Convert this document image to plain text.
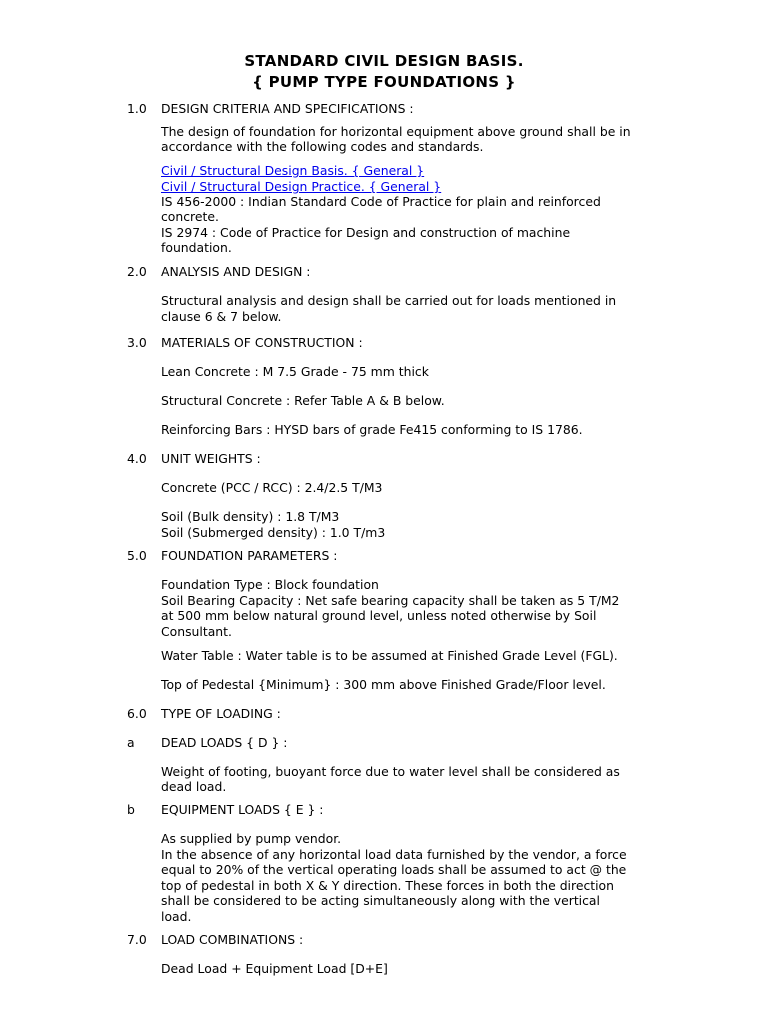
STANDARD CIVIL DESIGN BASIS.
{ PUMP TYPE FOUNDATIONS }
1.0 DESIGN CRITERIA AND SPECIFICATIONS :
The design of foundation for horizontal equipment above ground shall be in
accordance with the following codes and standards.
Civil / Structural Design Basis. { General }
Civil / Structural Design Practice. { General }
IS 456-2000 : Indian Standard Code of Practice for plain and reinforced
concrete.
IS 2974 : Code of Practice for Design and construction of machine
foundation.
2.0 ANALYSIS AND DESIGN :
Structural analysis and design shall be carried out for loads mentioned in
clause 6 & 7 below.
3.0 MATERIALS OF CONSTRUCTION :
Lean Concrete : M 7.5 Grade - 75 mm thick
Structural Concrete : Refer Table A & B below.
Reinforcing Bars : HYSD bars of grade Fe415 conforming to IS 1786.
4.0 UNIT WEIGHTS :
Concrete (PCC / RCC) : 2.4/2.5 T/M3
Soil (Bulk density) : 1.8 T/M3
Soil (Submerged density) : 1.0 T/m3
5.0 FOUNDATION PARAMETERS :
Foundation Type : Block foundation
Soil Bearing Capacity : Net safe bearing capacity shall be taken as 5 T/M2
at 500 mm below natural ground level, unless noted otherwise by Soil
Consultant.
Water Table : Water table is to be assumed at Finished Grade Level (FGL).
Top of Pedestal {Minimum} : 300 mm above Finished Grade/Floor level.
6.0 TYPE OF LOADING :
a DEAD LOADS { D } :
Weight of footing, buoyant force due to water level shall be considered as
dead load.
b EQUIPMENT LOADS { E } :
As supplied by pump vendor.
In the absence of any horizontal load data furnished by the vendor, a force
equal to 20% of the vertical operating loads shall be assumed to act @ the
top of pedestal in both X & Y direction. These forces in both the direction
shall be considered to be acting simultaneously along with the vertical
load.
7.0 LOAD COMBINATIONS :
Dead Load + Equipment Load [D+E]
